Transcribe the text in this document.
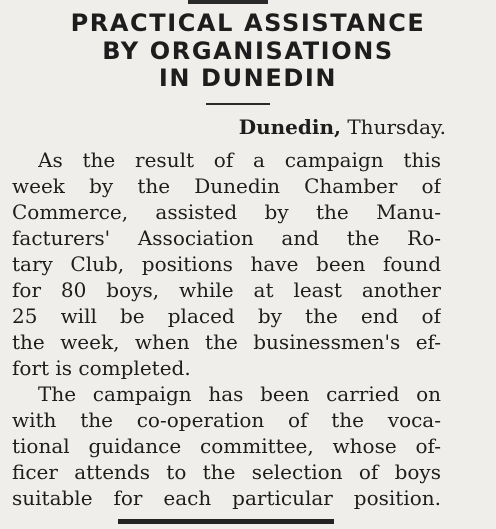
PRACTICAL ASSISTANCE
BY ORGANISATIONS
IN DUNEDIN
Dunedin, Thursday.
As the result of a campaign this
week by the Dunedin Chamber of
Commerce, assisted by the Manu-
facturers' Association and the Ro-
tary Club, positions have been found
for 80 boys, while at least another
25 will be placed by the end of
the week, when the businessmen's ef-
fort is completed.
The campaign has been carried on
with the co-operation of the voca-
tional guidance committee, whose of-
ficer attends to the selection of boys
suitable for each particular position.
